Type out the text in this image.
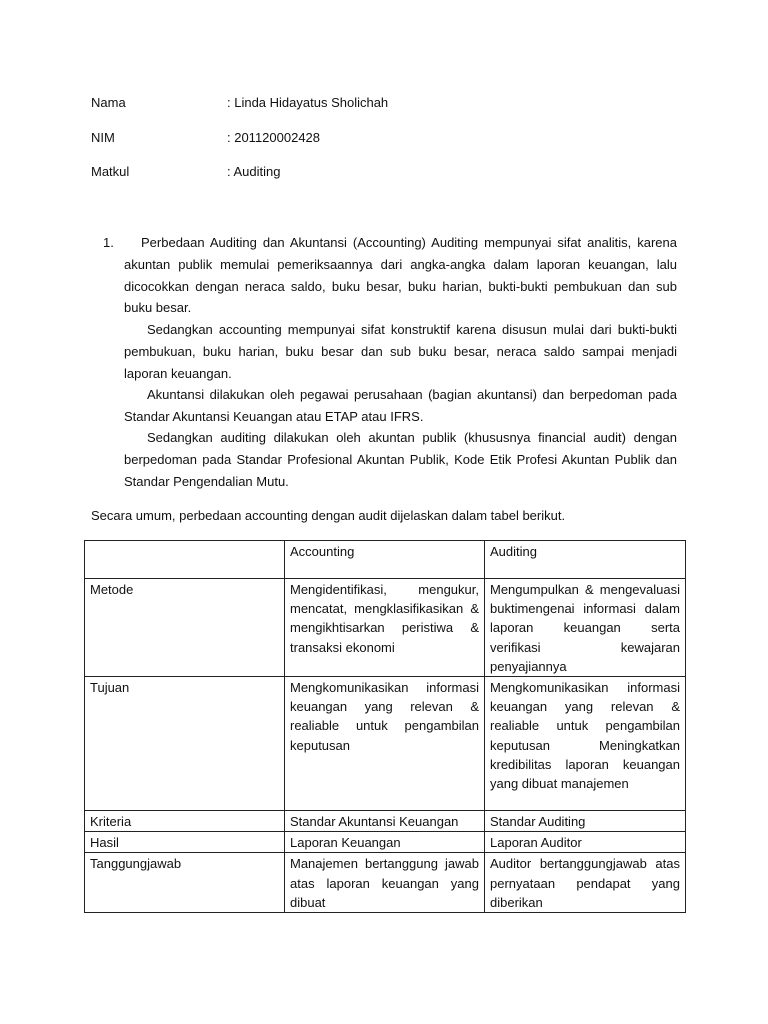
Nama	: Linda Hidayatus Sholichah
NIM	: 201120002428
Matkul	: Auditing
1.	Perbedaan Auditing dan Akuntansi (Accounting) Auditing mempunyai sifat analitis, karena akuntan publik memulai pemeriksaannya dari angka-angka dalam laporan keuangan, lalu dicocokkan dengan neraca saldo, buku besar, buku harian, bukti-bukti pembukuan dan sub buku besar.

Sedangkan accounting mempunyai sifat konstruktif karena disusun mulai dari bukti-bukti pembukuan, buku harian, buku besar dan sub buku besar, neraca saldo sampai menjadi laporan keuangan.

Akuntansi dilakukan oleh pegawai perusahaan (bagian akuntansi) dan berpedoman pada Standar Akuntansi Keuangan atau ETAP atau IFRS.

Sedangkan auditing dilakukan oleh akuntan publik (khususnya financial audit) dengan berpedoman pada Standar Profesional Akuntan Publik, Kode Etik Profesi Akuntan Publik dan Standar Pengendalian Mutu.

Secara umum, perbedaan accounting dengan audit dijelaskan dalam tabel berikut.
	Accounting	Auditing
Metode	Mengidentifikasi, mengukur, mencatat, mengklasifikasikan & mengikhtisarkan peristiwa & transaksi ekonomi	Mengumpulkan & mengevaluasi buktimengenai informasi dalam laporan keuangan serta verifikasi kewajaran penyajiannya
Tujuan	Mengkomunikasikan informasi keuangan yang relevan & realiable untuk pengambilan keputusan	Mengkomunikasikan informasi keuangan yang relevan & realiable untuk pengambilan keputusan Meningkatkan kredibilitas laporan keuangan yang dibuat manajemen
Kriteria	Standar Akuntansi Keuangan	Standar Auditing
Hasil	Laporan Keuangan	Laporan Auditor
Tanggungjawab	Manajemen bertanggung jawab atas laporan keuangan yang dibuat	Auditor bertanggungjawab atas pernyataan pendapat yang diberikan
